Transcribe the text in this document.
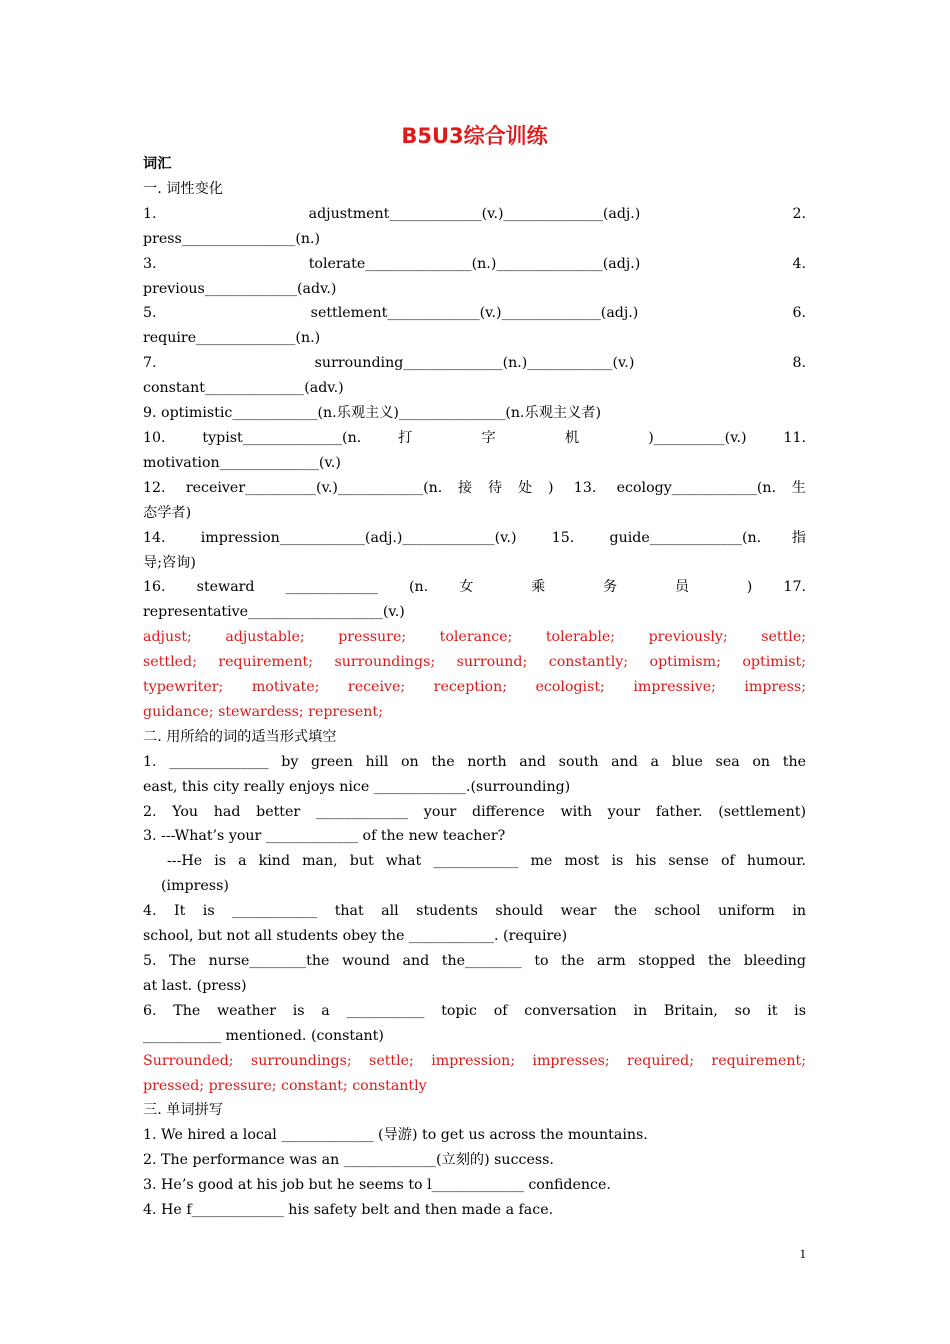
B5U3综合训练
词汇
一. 词性变化
1. adjustment_____________(v.)______________(adj.) 2.
press________________(n.)
3. tolerate_______________(n.)_______________(adj.) 4.
previous_____________(adv.)
5. settlement_____________(v.)______________(adj.) 6.
require______________(n.)
7. surrounding______________(n.)____________(v.) 8.
constant______________(adv.)
9. optimistic____________(n.乐观主义)_______________(n.乐观主义者)
10. typist______________(n. 打 字 机 )__________(v.) 11.
motivation______________(v.)
12. receiver__________(v.)____________(n.接待处) 13. ecology____________(n.生
态学者)
14. impression____________(adj.)_____________(v.) 15. guide_____________(n.指
导;咨询)
16. steward _____________ (n. 女 乘 务 员 ) 17.
representative___________________(v.)
adjust; adjustable; pressure; tolerance; tolerable; previously; settle;
settled; requirement; surroundings; surround; constantly; optimism; optimist;
typewriter; motivate; receive; reception; ecologist; impressive; impress;
guidance; stewardess; represent;
二. 用所给的词的适当形式填空
1. ______________ by green hill on the north and south and a blue sea on the
east, this city really enjoys nice _____________.(surrounding)
2. You had better _____________ your difference with your father. (settlement)
3. ---What’s your _____________ of the new teacher?
---He is a kind man, but what ____________ me most is his sense of humour.
(impress)
4. It is ____________ that all students should wear the school uniform in
school, but not all students obey the ____________. (require)
5. The nurse________the wound and the________ to the arm stopped the bleeding
at last. (press)
6. The weather is a ___________ topic of conversation in Britain, so it is
___________ mentioned. (constant)
Surrounded; surroundings; settle; impression; impresses; required; requirement;
pressed; pressure; constant; constantly
三. 单词拼写
1. We hired a local _____________ (导游) to get us across the mountains.
2. The performance was an _____________(立刻的) success.
3. He’s good at his job but he seems to l_____________ confidence.
4. He f_____________ his safety belt and then made a face.
1
